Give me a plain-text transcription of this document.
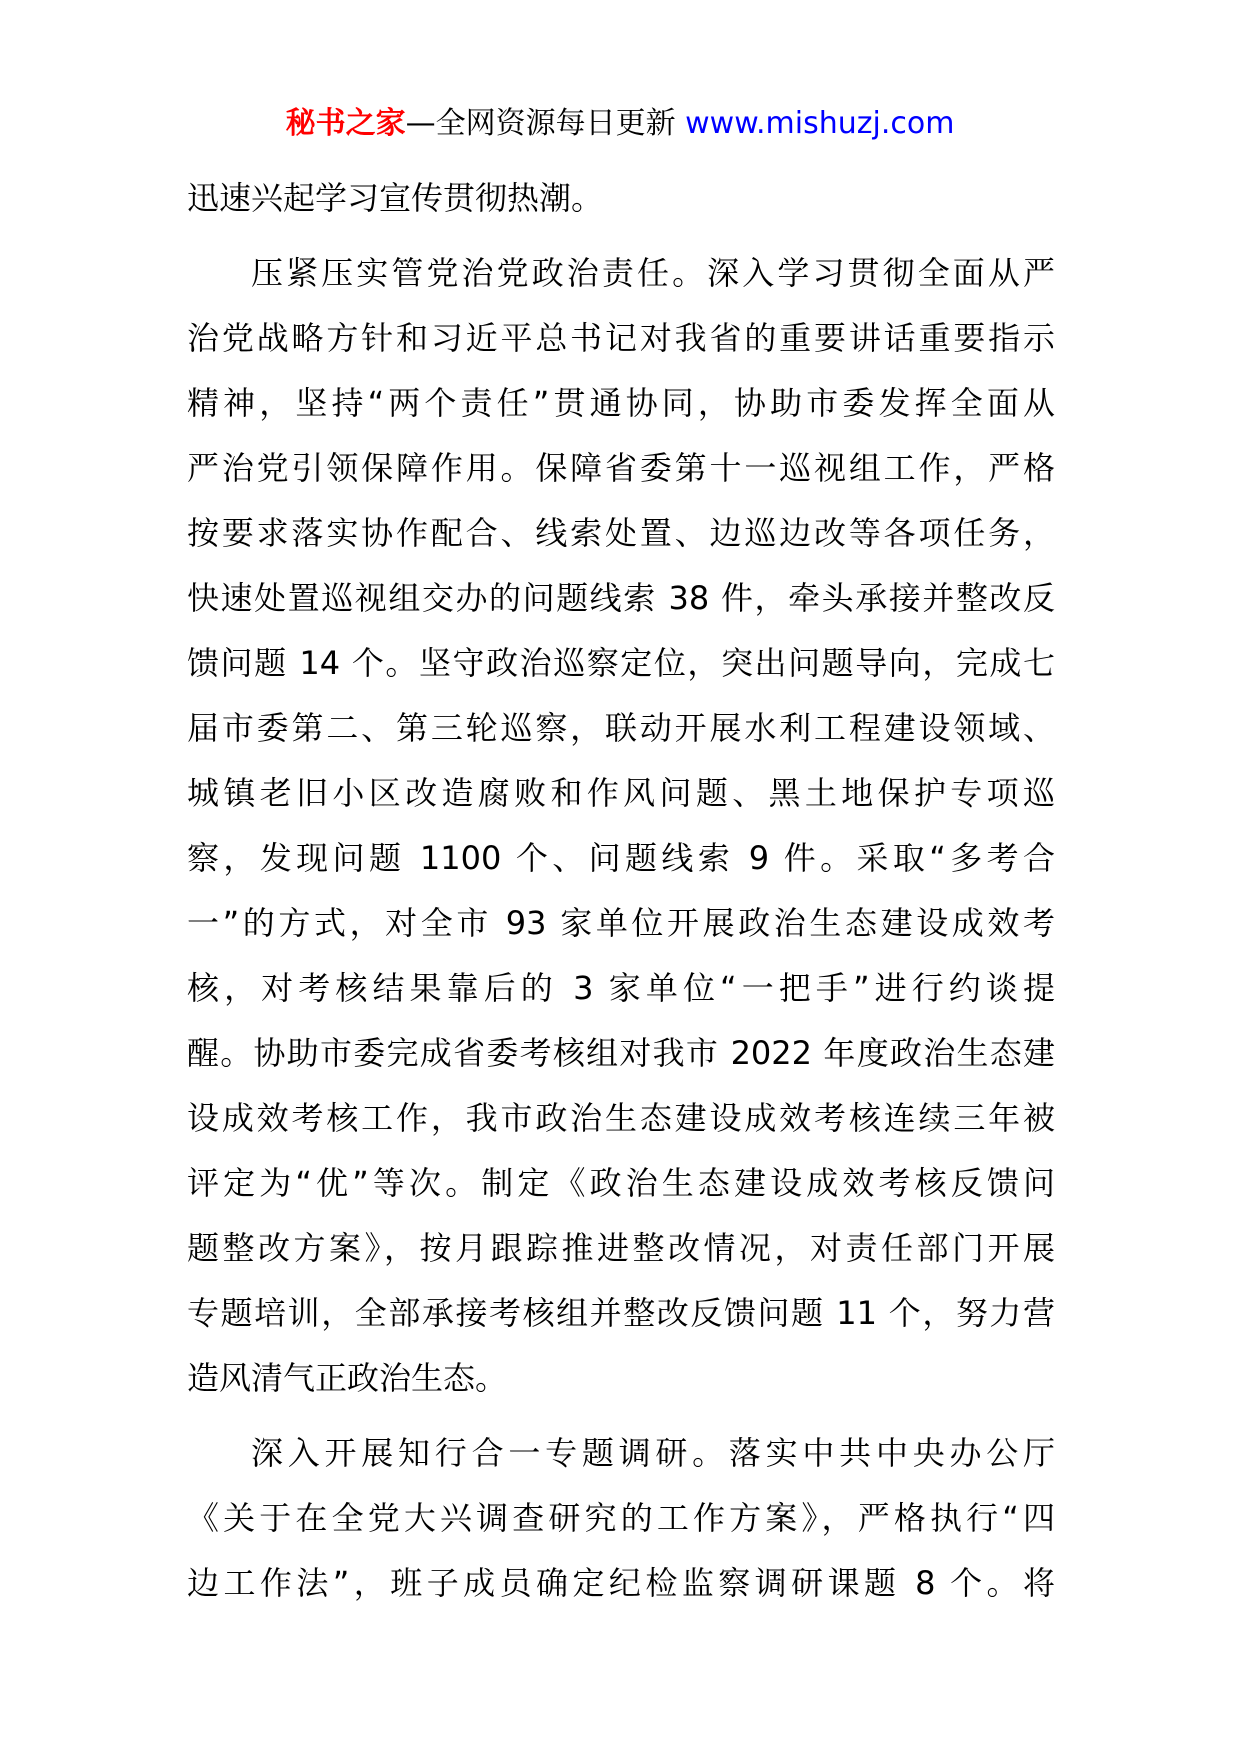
秘书之家—全网资源每日更新 www.mishuzj.com
迅速兴起学习宣传贯彻热潮。
压紧压实管党治党政治责任。深入学习贯彻全面从严
治党战略方针和习近平总书记对我省的重要讲话重要指示
精神，坚持“两个责任”贯通协同，协助市委发挥全面从
严治党引领保障作用。保障省委第十一巡视组工作，严格
按要求落实协作配合、线索处置、边巡边改等各项任务，
快速处置巡视组交办的问题线索 38 件，牵头承接并整改反
馈问题 14 个。坚守政治巡察定位，突出问题导向，完成七
届市委第二、第三轮巡察，联动开展水利工程建设领域、
城镇老旧小区改造腐败和作风问题、黑土地保护专项巡
察，发现问题 1100 个、问题线索 9 件。采取“多考合
一”的方式，对全市 93 家单位开展政治生态建设成效考
核，对考核结果靠后的 3 家单位“一把手”进行约谈提
醒。协助市委完成省委考核组对我市 2022 年度政治生态建
设成效考核工作，我市政治生态建设成效考核连续三年被
评定为“优”等次。制定《政治生态建设成效考核反馈问
题整改方案》，按月跟踪推进整改情况，对责任部门开展
专题培训，全部承接考核组并整改反馈问题 11 个，努力营
造风清气正政治生态。
深入开展知行合一专题调研。落实中共中央办公厅
《关于在全党大兴调查研究的工作方案》，严格执行“四
边工作法”，班子成员确定纪检监察调研课题 8 个。将
